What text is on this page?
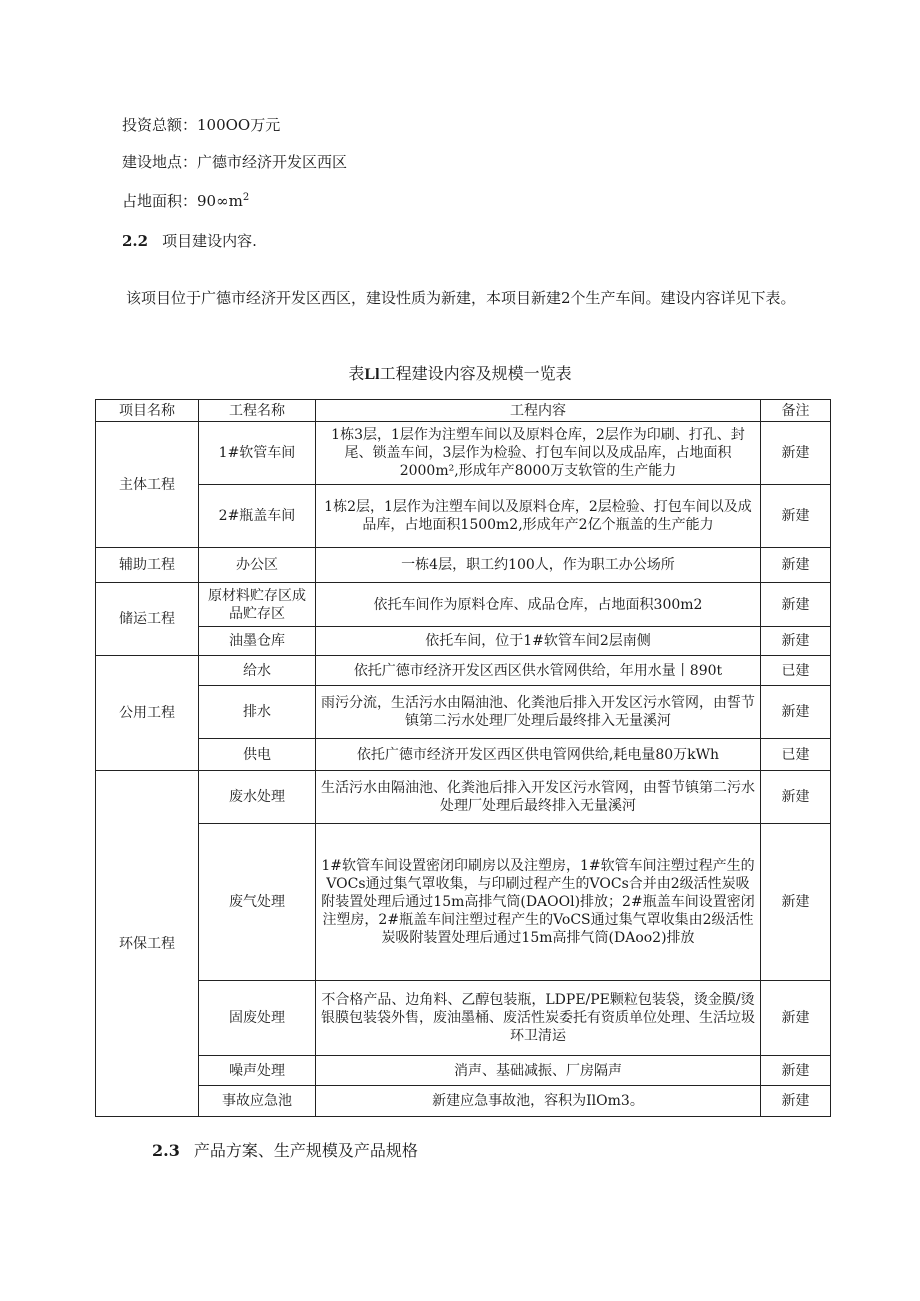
投资总额：100OO万元
建设地点：广德市经济开发区西区
占地面积：$90\infty m^2$
2.2 项目建设内容.
该项目位于广德市经济开发区西区，建设性质为新建，本项目新建2个生产车间。建设内容详见下表。
表Ll工程建设内容及规模一览表
项目名称	工程名称	工程内容	备注
主体工程	1#软管车间	1栋3层，1层作为注塑车间以及原料仓库，2层作为印刷、打孔、封尾、锁盖车间，3层作为检验、打包车间以及成品库，占地面积2000m²,形成年产8000万支软管的生产能力	新建
	2#瓶盖车间	1栋2层，1层作为注塑车间以及原料仓库，2层检验、打包车间以及成品库，占地面积1500m2,形成年产2亿个瓶盖的生产能力	新建
辅助工程	办公区	一栋4层，职工约100人，作为职工办公场所	新建
储运工程	原材料贮存区成品贮存区	依托车间作为原料仓库、成品仓库，占地面积300m2	新建
	油墨仓库	依托车间，位于1#软管车间2层南侧	新建
公用工程	给水	依托广德市经济开发区西区供水管网供给，年用水量丨890t	已建
	排水	雨污分流，生活污水由隔油池、化粪池后排入开发区污水管网，由誓节镇第二污水处理厂处理后最终排入无量溪河	新建
	供电	依托广德市经济开发区西区供电管网供给,耗电量80万kWh	已建
环保工程	废水处理	生活污水由隔油池、化粪池后排入开发区污水管网，由誓节镇第二污水处理厂处理后最终排入无量溪河	新建
	废气处理	1#软管车间设置密闭印刷房以及注塑房，1#软管车间注塑过程产生的VOCs通过集气罩收集，与印刷过程产生的VOCs合并由2级活性炭吸附装置处理后通过15m高排气筒(DAOOl)排放；2#瓶盖车间设置密闭注塑房，2#瓶盖车间注塑过程产生的VoCS通过集气罩收集由2级活性炭吸附装置处理后通过15m高排气筒(DAoo2)排放	新建
	固废处理	不合格产品、边角料、乙醇包装瓶，LDPE/PE颗粒包装袋，烫金膜/烫银膜包装袋外售，废油墨桶、废活性炭委托有资质单位处理、生活垃圾环卫清运	新建
	噪声处理	消声、基础减振、厂房隔声	新建
	事故应急池	新建应急事故池，容积为IlOm3。	新建
2.3 产品方案、生产规模及产品规格
